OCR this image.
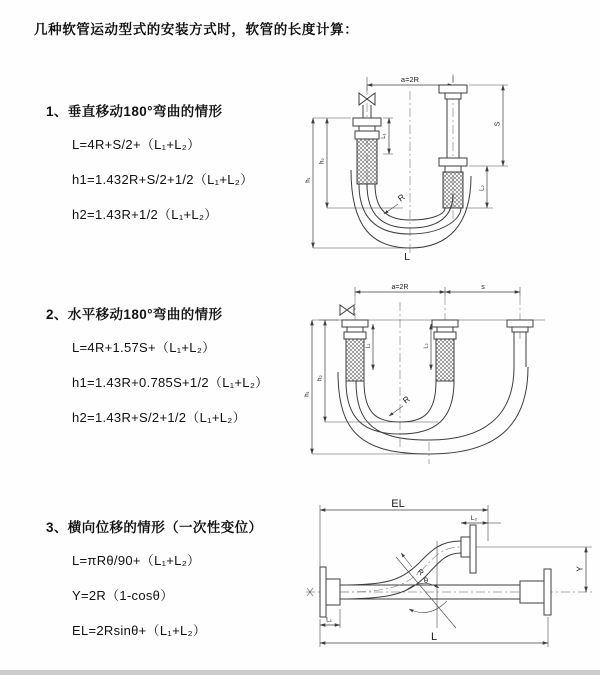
几种软管运动型式的安装方式时，软管的长度计算：
1、垂直移动180°弯曲的情形
L=4R+S/2+（L₁+L₂）
h1=1.432R+S/2+1/2（L₁+L₂）
h2=1.43R+1/2（L₁+L₂）
2、水平移动180°弯曲的情形
L=4R+1.57S+（L₁+L₂）
h1=1.43R+0.785S+1/2（L₁+L₂）
h2=1.43R+S/2+1/2（L₁+L₂）
3、横向位移的情形（一次性变位）
L=πRθ/90+（L₁+L₂）
Y=2R（1-cosθ）
EL=2Rsinθ+（L₁+L₂）
a=2R
L₁
h₁
h₂
S
L₂
R
L
a=2R	s
h₁
h₂
L₁	L₂
R
EL
L₂
Y
θ
R
L₁
L
